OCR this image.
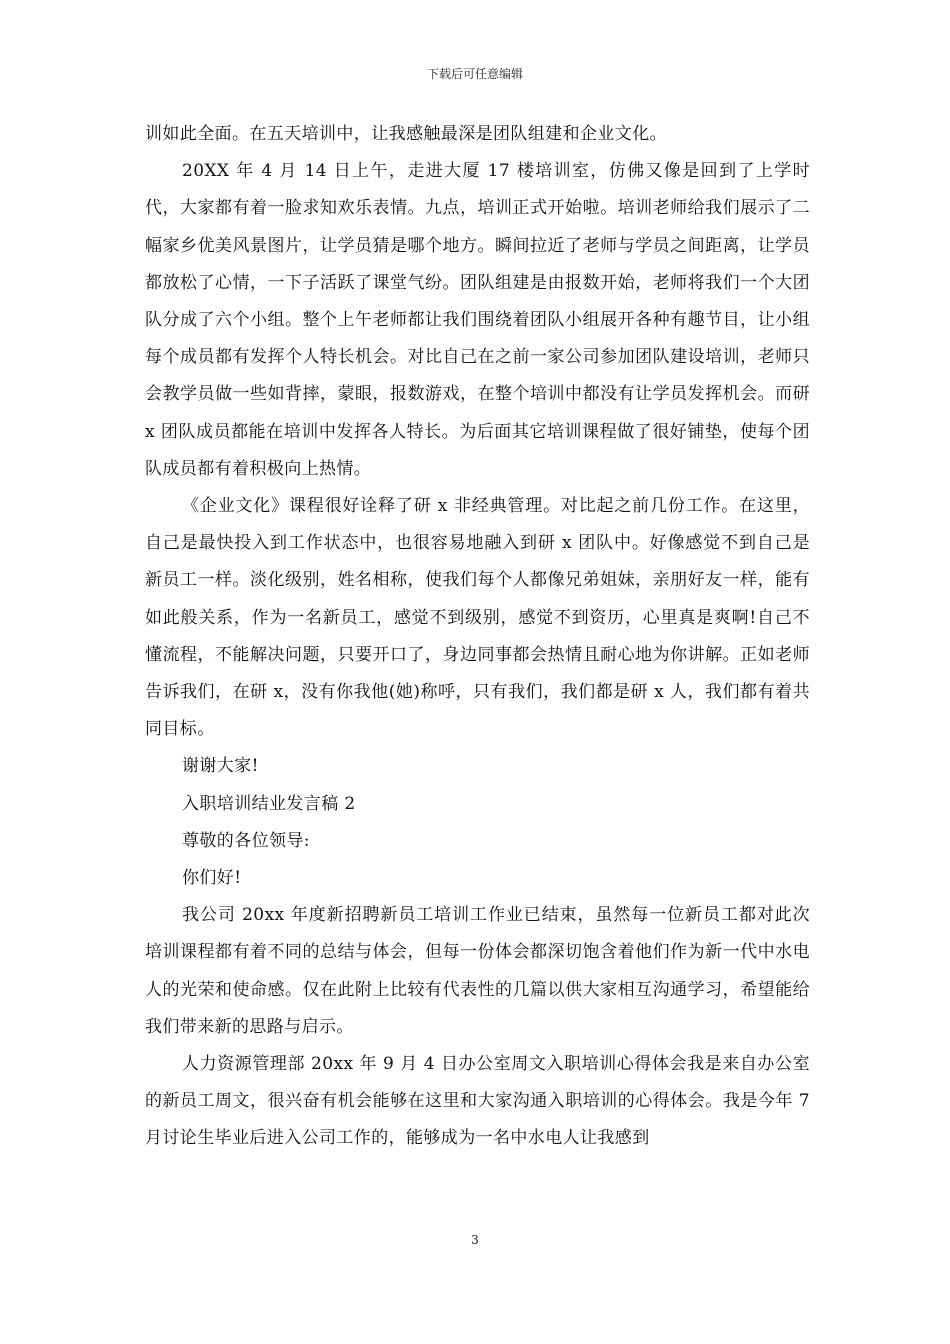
下载后可任意编辑

训如此全面。在五天培训中，让我感触最深是团队组建和企业文化。

20XX 年 4 月 14 日上午，走进大厦 17 楼培训室，仿佛又像是回到了上学时代，大家都有着一脸求知欢乐表情。九点，培训正式开始啦。培训老师给我们展示了二幅家乡优美风景图片，让学员猜是哪个地方。瞬间拉近了老师与学员之间距离，让学员都放松了心情，一下子活跃了课堂气纷。团队组建是由报数开始，老师将我们一个大团队分成了六个小组。整个上午老师都让我们围绕着团队小组展开各种有趣节目，让小组每个成员都有发挥个人特长机会。对比自己在之前一家公司参加团队建设培训，老师只会教学员做一些如背摔，蒙眼，报数游戏，在整个培训中都没有让学员发挥机会。而研 x 团队成员都能在培训中发挥各人特长。为后面其它培训课程做了很好铺垫，使每个团队成员都有着积极向上热情。

《企业文化》课程很好诠释了研 x 非经典管理。对比起之前几份工作。在这里，自己是最快投入到工作状态中，也很容易地融入到研 x 团队中。好像感觉不到自己是新员工一样。淡化级别，姓名相称，使我们每个人都像兄弟姐妹，亲朋好友一样，能有如此般关系，作为一名新员工，感觉不到级别，感觉不到资历，心里真是爽啊!自己不懂流程，不能解决问题，只要开口了，身边同事都会热情且耐心地为你讲解。正如老师告诉我们，在研 x，没有你我他(她)称呼，只有我们，我们都是研 x 人，我们都有着共同目标。

谢谢大家!

入职培训结业发言稿 2

尊敬的各位领导:

你们好!

我公司 20xx 年度新招聘新员工培训工作业已结束，虽然每一位新员工都对此次培训课程都有着不同的总结与体会，但每一份体会都深切饱含着他们作为新一代中水电人的光荣和使命感。仅在此附上比较有代表性的几篇以供大家相互沟通学习，希望能给我们带来新的思路与启示。

人力资源管理部 20xx 年 9 月 4 日办公室周文入职培训心得体会我是来自办公室的新员工周文，很兴奋有机会能够在这里和大家沟通入职培训的心得体会。我是今年 7 月讨论生毕业后进入公司工作的，能够成为一名中水电人让我感到

3
